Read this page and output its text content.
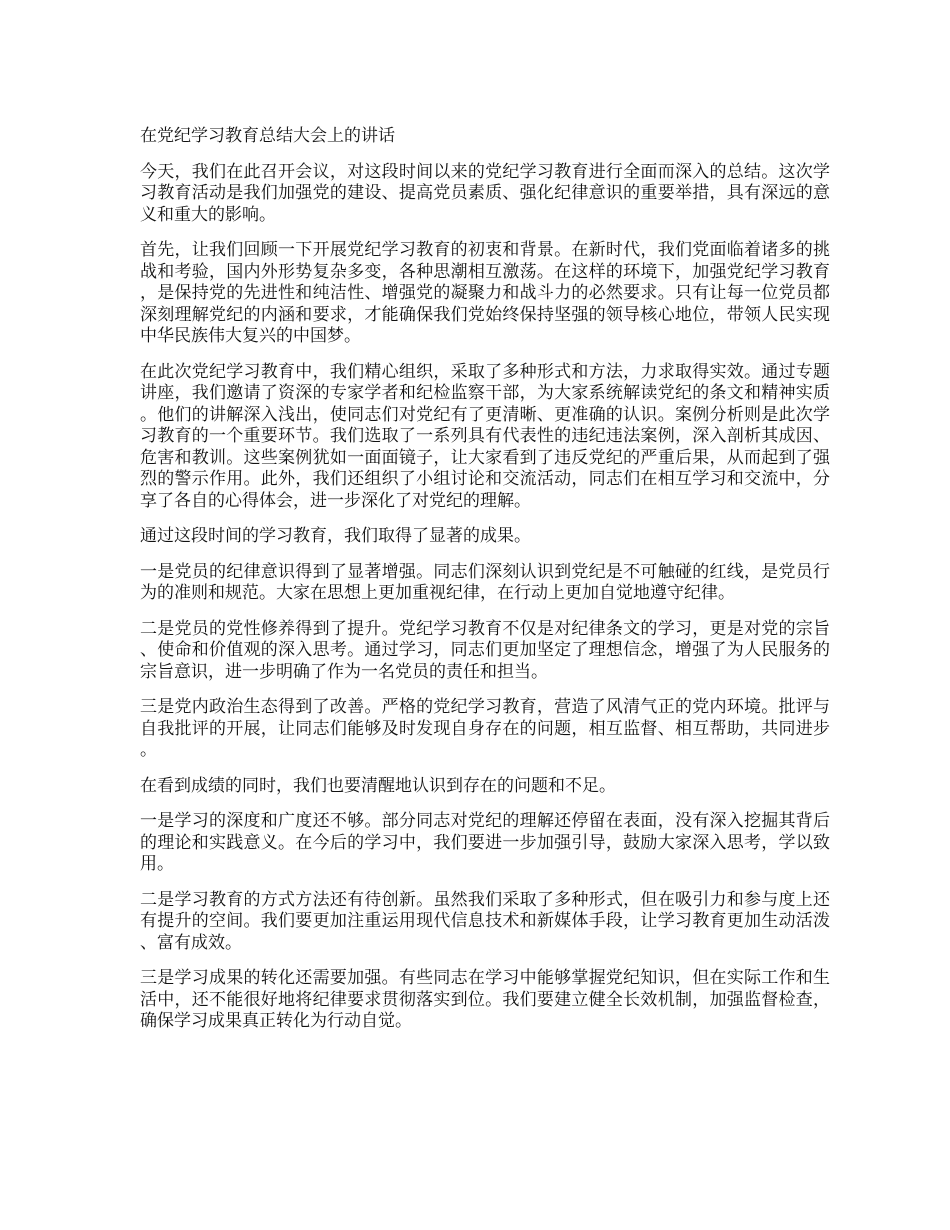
在党纪学习教育总结大会上的讲话

今天，我们在此召开会议，对这段时间以来的党纪学习教育进行全面而深入的总结。这次学习教育活动是我们加强党的建设、提高党员素质、强化纪律意识的重要举措，具有深远的意义和重大的影响。

首先，让我们回顾一下开展党纪学习教育的初衷和背景。在新时代，我们党面临着诸多的挑战和考验，国内外形势复杂多变，各种思潮相互激荡。在这样的环境下，加强党纪学习教育，是保持党的先进性和纯洁性、增强党的凝聚力和战斗力的必然要求。只有让每一位党员都深刻理解党纪的内涵和要求，才能确保我们党始终保持坚强的领导核心地位，带领人民实现中华民族伟大复兴的中国梦。

在此次党纪学习教育中，我们精心组织，采取了多种形式和方法，力求取得实效。通过专题讲座，我们邀请了资深的专家学者和纪检监察干部，为大家系统解读党纪的条文和精神实质。他们的讲解深入浅出，使同志们对党纪有了更清晰、更准确的认识。案例分析则是此次学习教育的一个重要环节。我们选取了一系列具有代表性的违纪违法案例，深入剖析其成因、危害和教训。这些案例犹如一面面镜子，让大家看到了违反党纪的严重后果，从而起到了强烈的警示作用。此外，我们还组织了小组讨论和交流活动，同志们在相互学习和交流中，分享了各自的心得体会，进一步深化了对党纪的理解。

通过这段时间的学习教育，我们取得了显著的成果。

一是党员的纪律意识得到了显著增强。同志们深刻认识到党纪是不可触碰的红线，是党员行为的准则和规范。大家在思想上更加重视纪律，在行动上更加自觉地遵守纪律。

二是党员的党性修养得到了提升。党纪学习教育不仅是对纪律条文的学习，更是对党的宗旨、使命和价值观的深入思考。通过学习，同志们更加坚定了理想信念，增强了为人民服务的宗旨意识，进一步明确了作为一名党员的责任和担当。

三是党内政治生态得到了改善。严格的党纪学习教育，营造了风清气正的党内环境。批评与自我批评的开展，让同志们能够及时发现自身存在的问题，相互监督、相互帮助，共同进步。

在看到成绩的同时，我们也要清醒地认识到存在的问题和不足。

一是学习的深度和广度还不够。部分同志对党纪的理解还停留在表面，没有深入挖掘其背后的理论和实践意义。在今后的学习中，我们要进一步加强引导，鼓励大家深入思考，学以致用。

二是学习教育的方式方法还有待创新。虽然我们采取了多种形式，但在吸引力和参与度上还有提升的空间。我们要更加注重运用现代信息技术和新媒体手段，让学习教育更加生动活泼、富有成效。

三是学习成果的转化还需要加强。有些同志在学习中能够掌握党纪知识，但在实际工作和生活中，还不能很好地将纪律要求贯彻落实到位。我们要建立健全长效机制，加强监督检查，确保学习成果真正转化为行动自觉。
